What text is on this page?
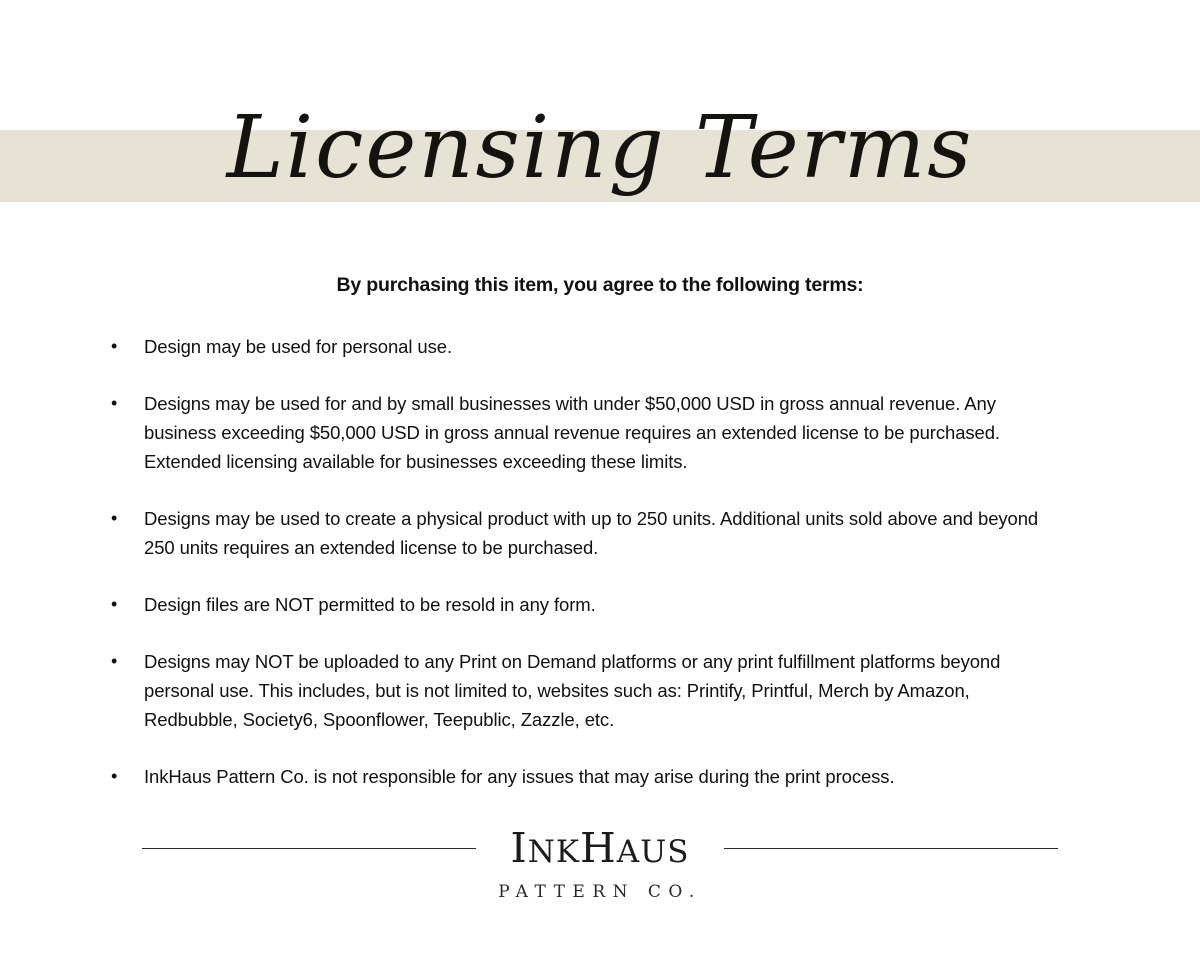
Licensing Terms
By purchasing this item, you agree to the following terms:
•	Design may be used for personal use.
•	Designs may be used for and by small businesses with under $50,000 USD in gross annual revenue. Any business exceeding $50,000 USD in gross annual revenue requires an extended license to be purchased. Extended licensing available for businesses exceeding these limits.
•	Designs may be used to create a physical product with up to 250 units. Additional units sold above and beyond 250 units requires an extended license to be purchased.
•	Design files are NOT permitted to be resold in any form.
•	Designs may NOT be uploaded to any Print on Demand platforms or any print fulfillment platforms beyond personal use. This includes, but is not limited to, websites such as: Printify, Printful, Merch by Amazon, Redbubble, Society6, Spoonflower, Teepublic, Zazzle, etc.
•	InkHaus Pattern Co. is not responsible for any issues that may arise during the print process.
INKHAUS
PATTERN CO.
